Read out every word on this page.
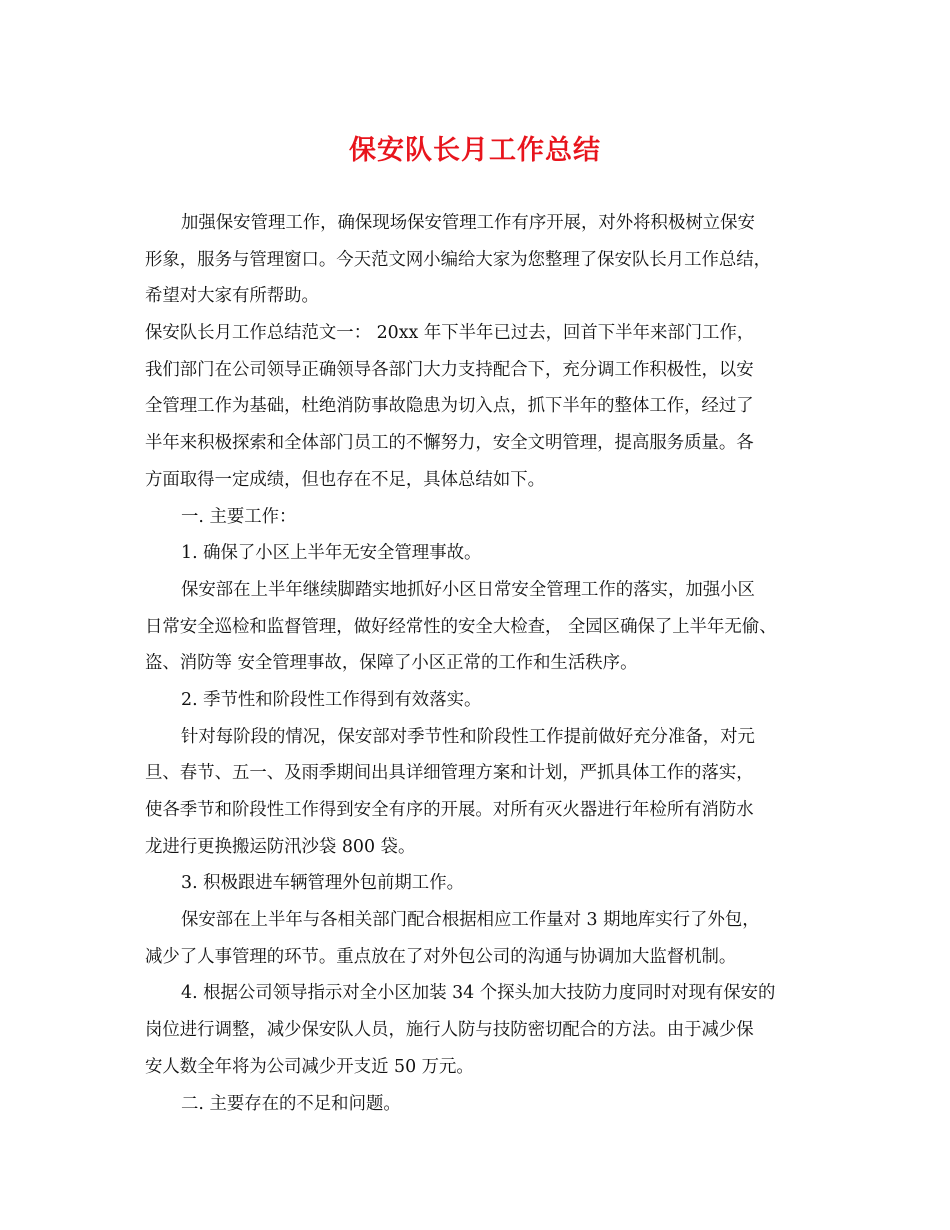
保安队长月工作总结
加强保安管理工作，确保现场保安管理工作有序开展，对外将积极树立保安
形象，服务与管理窗口。今天范文网小编给大家为您整理了保安队长月工作总结，
希望对大家有所帮助。
保安队长月工作总结范文一： 20xx 年下半年已过去，回首下半年来部门工作，
我们部门在公司领导正确领导各部门大力支持配合下，充分调工作积极性，以安
全管理工作为基础，杜绝消防事故隐患为切入点，抓下半年的整体工作，经过了
半年来积极探索和全体部门员工的不懈努力，安全文明管理，提高服务质量。各
方面取得一定成绩，但也存在不足，具体总结如下。
一. 主要工作：
1. 确保了小区上半年无安全管理事故。
保安部在上半年继续脚踏实地抓好小区日常安全管理工作的落实，加强小区
日常安全巡检和监督管理，做好经常性的安全大检查， 全园区确保了上半年无偷、
盗、消防等 安全管理事故，保障了小区正常的工作和生活秩序。
2. 季节性和阶段性工作得到有效落实。
针对每阶段的情况，保安部对季节性和阶段性工作提前做好充分准备，对元
旦、春节、五一、及雨季期间出具详细管理方案和计划，严抓具体工作的落实，
使各季节和阶段性工作得到安全有序的开展。对所有灭火器进行年检所有消防水
龙进行更换搬运防汛沙袋 800 袋。
3. 积极跟进车辆管理外包前期工作。
保安部在上半年与各相关部门配合根据相应工作量对 3 期地库实行了外包，
减少了人事管理的环节。重点放在了对外包公司的沟通与协调加大监督机制。
4. 根据公司领导指示对全小区加装 34 个探头加大技防力度同时对现有保安的
岗位进行调整，减少保安队人员，施行人防与技防密切配合的方法。由于减少保
安人数全年将为公司减少开支近 50 万元。
二. 主要存在的不足和问题。
